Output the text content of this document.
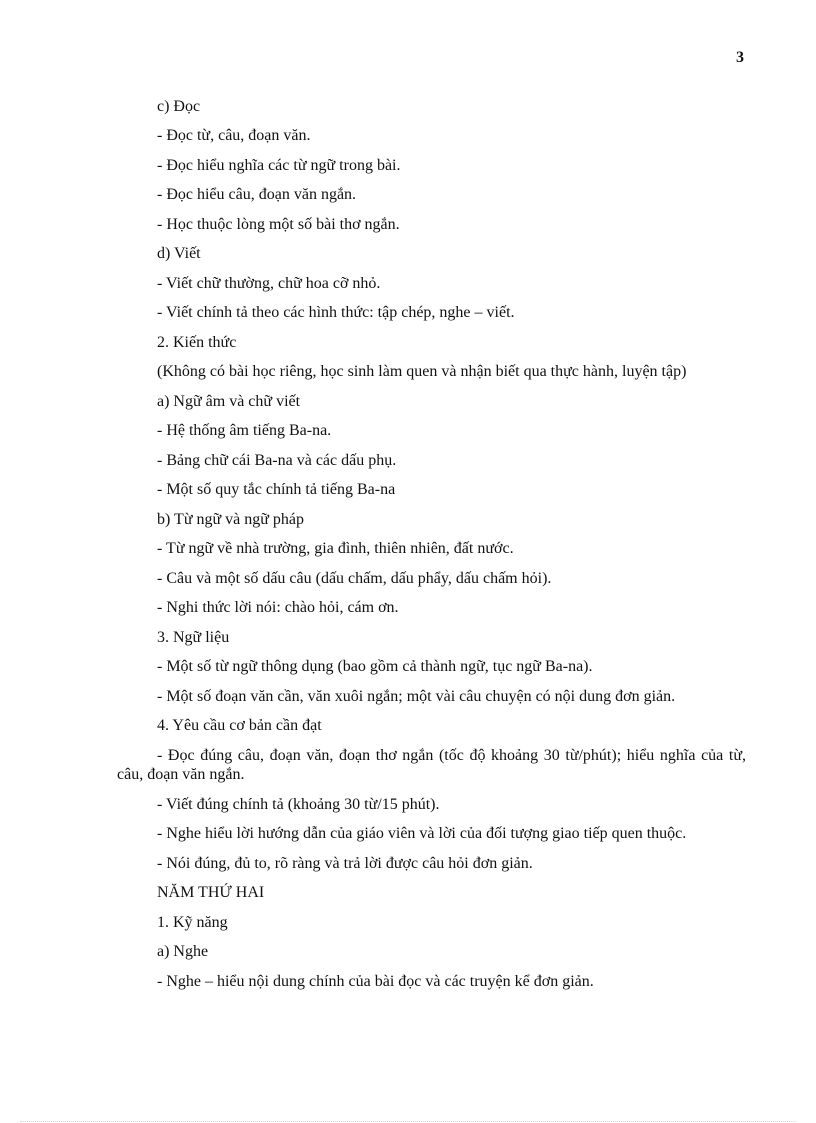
3

c) Đọc

- Đọc từ, câu, đoạn văn.

- Đọc hiểu nghĩa các từ ngữ trong bài.

- Đọc hiểu câu, đoạn văn ngắn.

- Học thuộc lòng một số bài thơ ngắn.

d) Viết

- Viết chữ thường, chữ hoa cỡ nhỏ.

- Viết chính tả theo các hình thức: tập chép, nghe – viết.

2. Kiến thức

(Không có bài học riêng, học sinh làm quen và nhận biết qua thực hành, luyện tập)

a) Ngữ âm và chữ viết

- Hệ thống âm tiếng Ba-na.

- Bảng chữ cái Ba-na và các dấu phụ.

- Một số quy tắc chính tả tiếng Ba-na

b) Từ ngữ và ngữ pháp

- Từ ngữ về nhà trường, gia đình, thiên nhiên, đất nước.

- Câu và một số dấu câu (dấu chấm, dấu phẩy, dấu chấm hỏi).

- Nghi thức lời nói: chào hỏi, cám ơn.

3. Ngữ liệu

- Một số từ ngữ thông dụng (bao gồm cả thành ngữ, tục ngữ Ba-na).

- Một số đoạn văn cần, văn xuôi ngắn; một vài câu chuyện có nội dung đơn giản.

4. Yêu cầu cơ bản cần đạt

- Đọc đúng câu, đoạn văn, đoạn thơ ngắn (tốc độ khoảng 30 từ/phút); hiểu nghĩa của từ, câu, đoạn văn ngắn.

- Viết đúng chính tả (khoảng 30 từ/15 phút).

- Nghe hiểu lời hướng dẫn của giáo viên và lời của đối tượng giao tiếp quen thuộc.

- Nói đúng, đủ to, rõ ràng và trả lời được câu hỏi đơn giản.

NĂM THỨ HAI

1. Kỹ năng

a) Nghe

- Nghe – hiểu nội dung chính của bài đọc và các truyện kể đơn giản.
